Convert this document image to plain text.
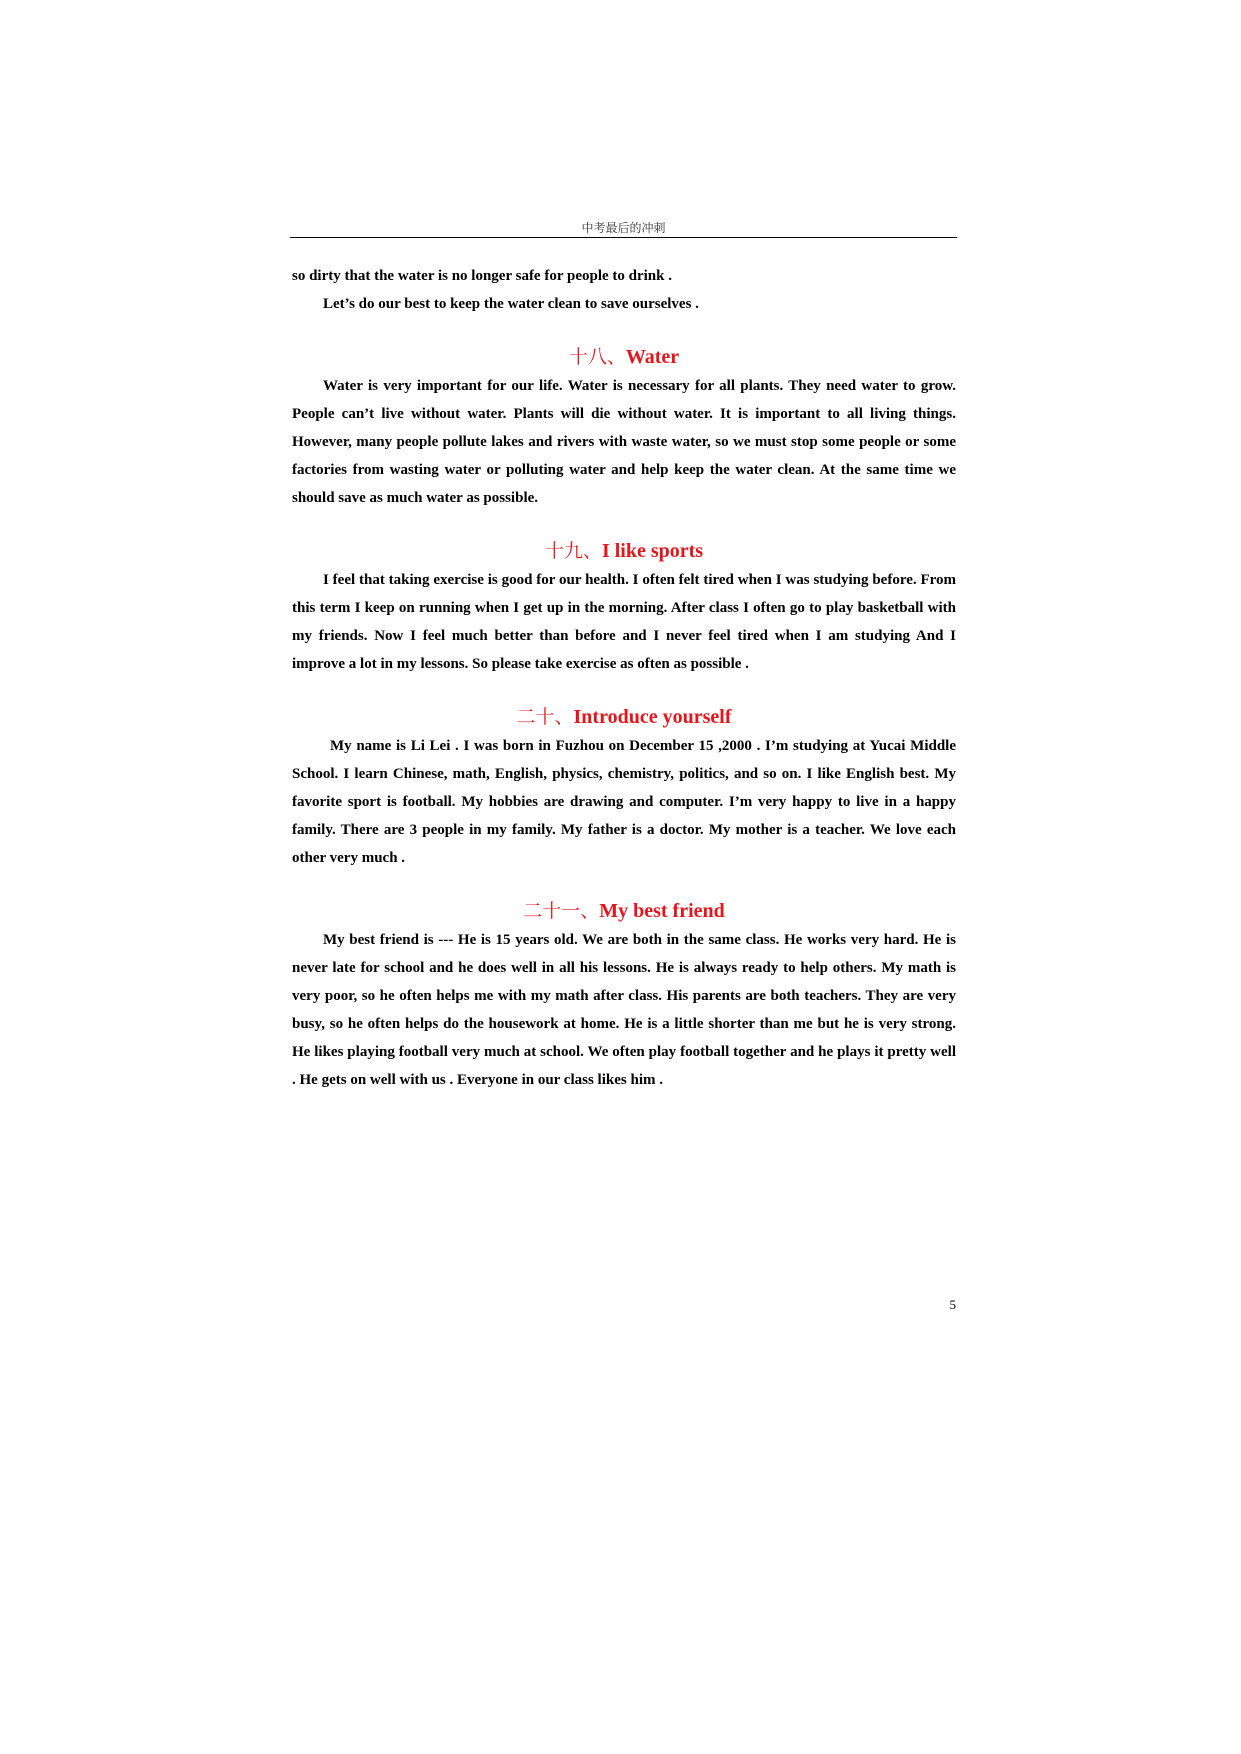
中考最后的冲刺

so dirty that the water is no longer safe for people to drink .

Let’s do our best to keep the water clean to save ourselves .

十八、Water

Water is very important for our life. Water is necessary for all plants. They need water to grow. People can’t live without water. Plants will die without water. It is important to all living things. However, many people pollute lakes and rivers with waste water, so we must stop some people or some factories from wasting water or polluting water and help keep the water clean. At the same time we should save as much water as possible.

十九、I like sports

I feel that taking exercise is good for our health. I often felt tired when I was studying before. From this term I keep on running when I get up in the morning. After class I often go to play basketball with my friends. Now I feel much better than before and I never feel tired when I am studying And I improve a lot in my lessons. So please take exercise as often as possible .

二十、Introduce yourself

My name is Li Lei . I was born in Fuzhou on December 15 ,2000 . I’m studying at Yucai Middle School. I learn Chinese, math, English, physics, chemistry, politics, and so on. I like English best. My favorite sport is football. My hobbies are drawing and computer. I’m very happy to live in a happy family. There are 3 people in my family. My father is a doctor. My mother is a teacher. We love each other very much .

二十一、My best friend

My best friend is --- He is 15 years old. We are both in the same class. He works very hard. He is never late for school and he does well in all his lessons. He is always ready to help others. My math is very poor, so he often helps me with my math after class. His parents are both teachers. They are very busy, so he often helps do the housework at home. He is a little shorter than me but he is very strong. He likes playing football very much at school. We often play football together and he plays it pretty well . He gets on well with us . Everyone in our class likes him .

5
